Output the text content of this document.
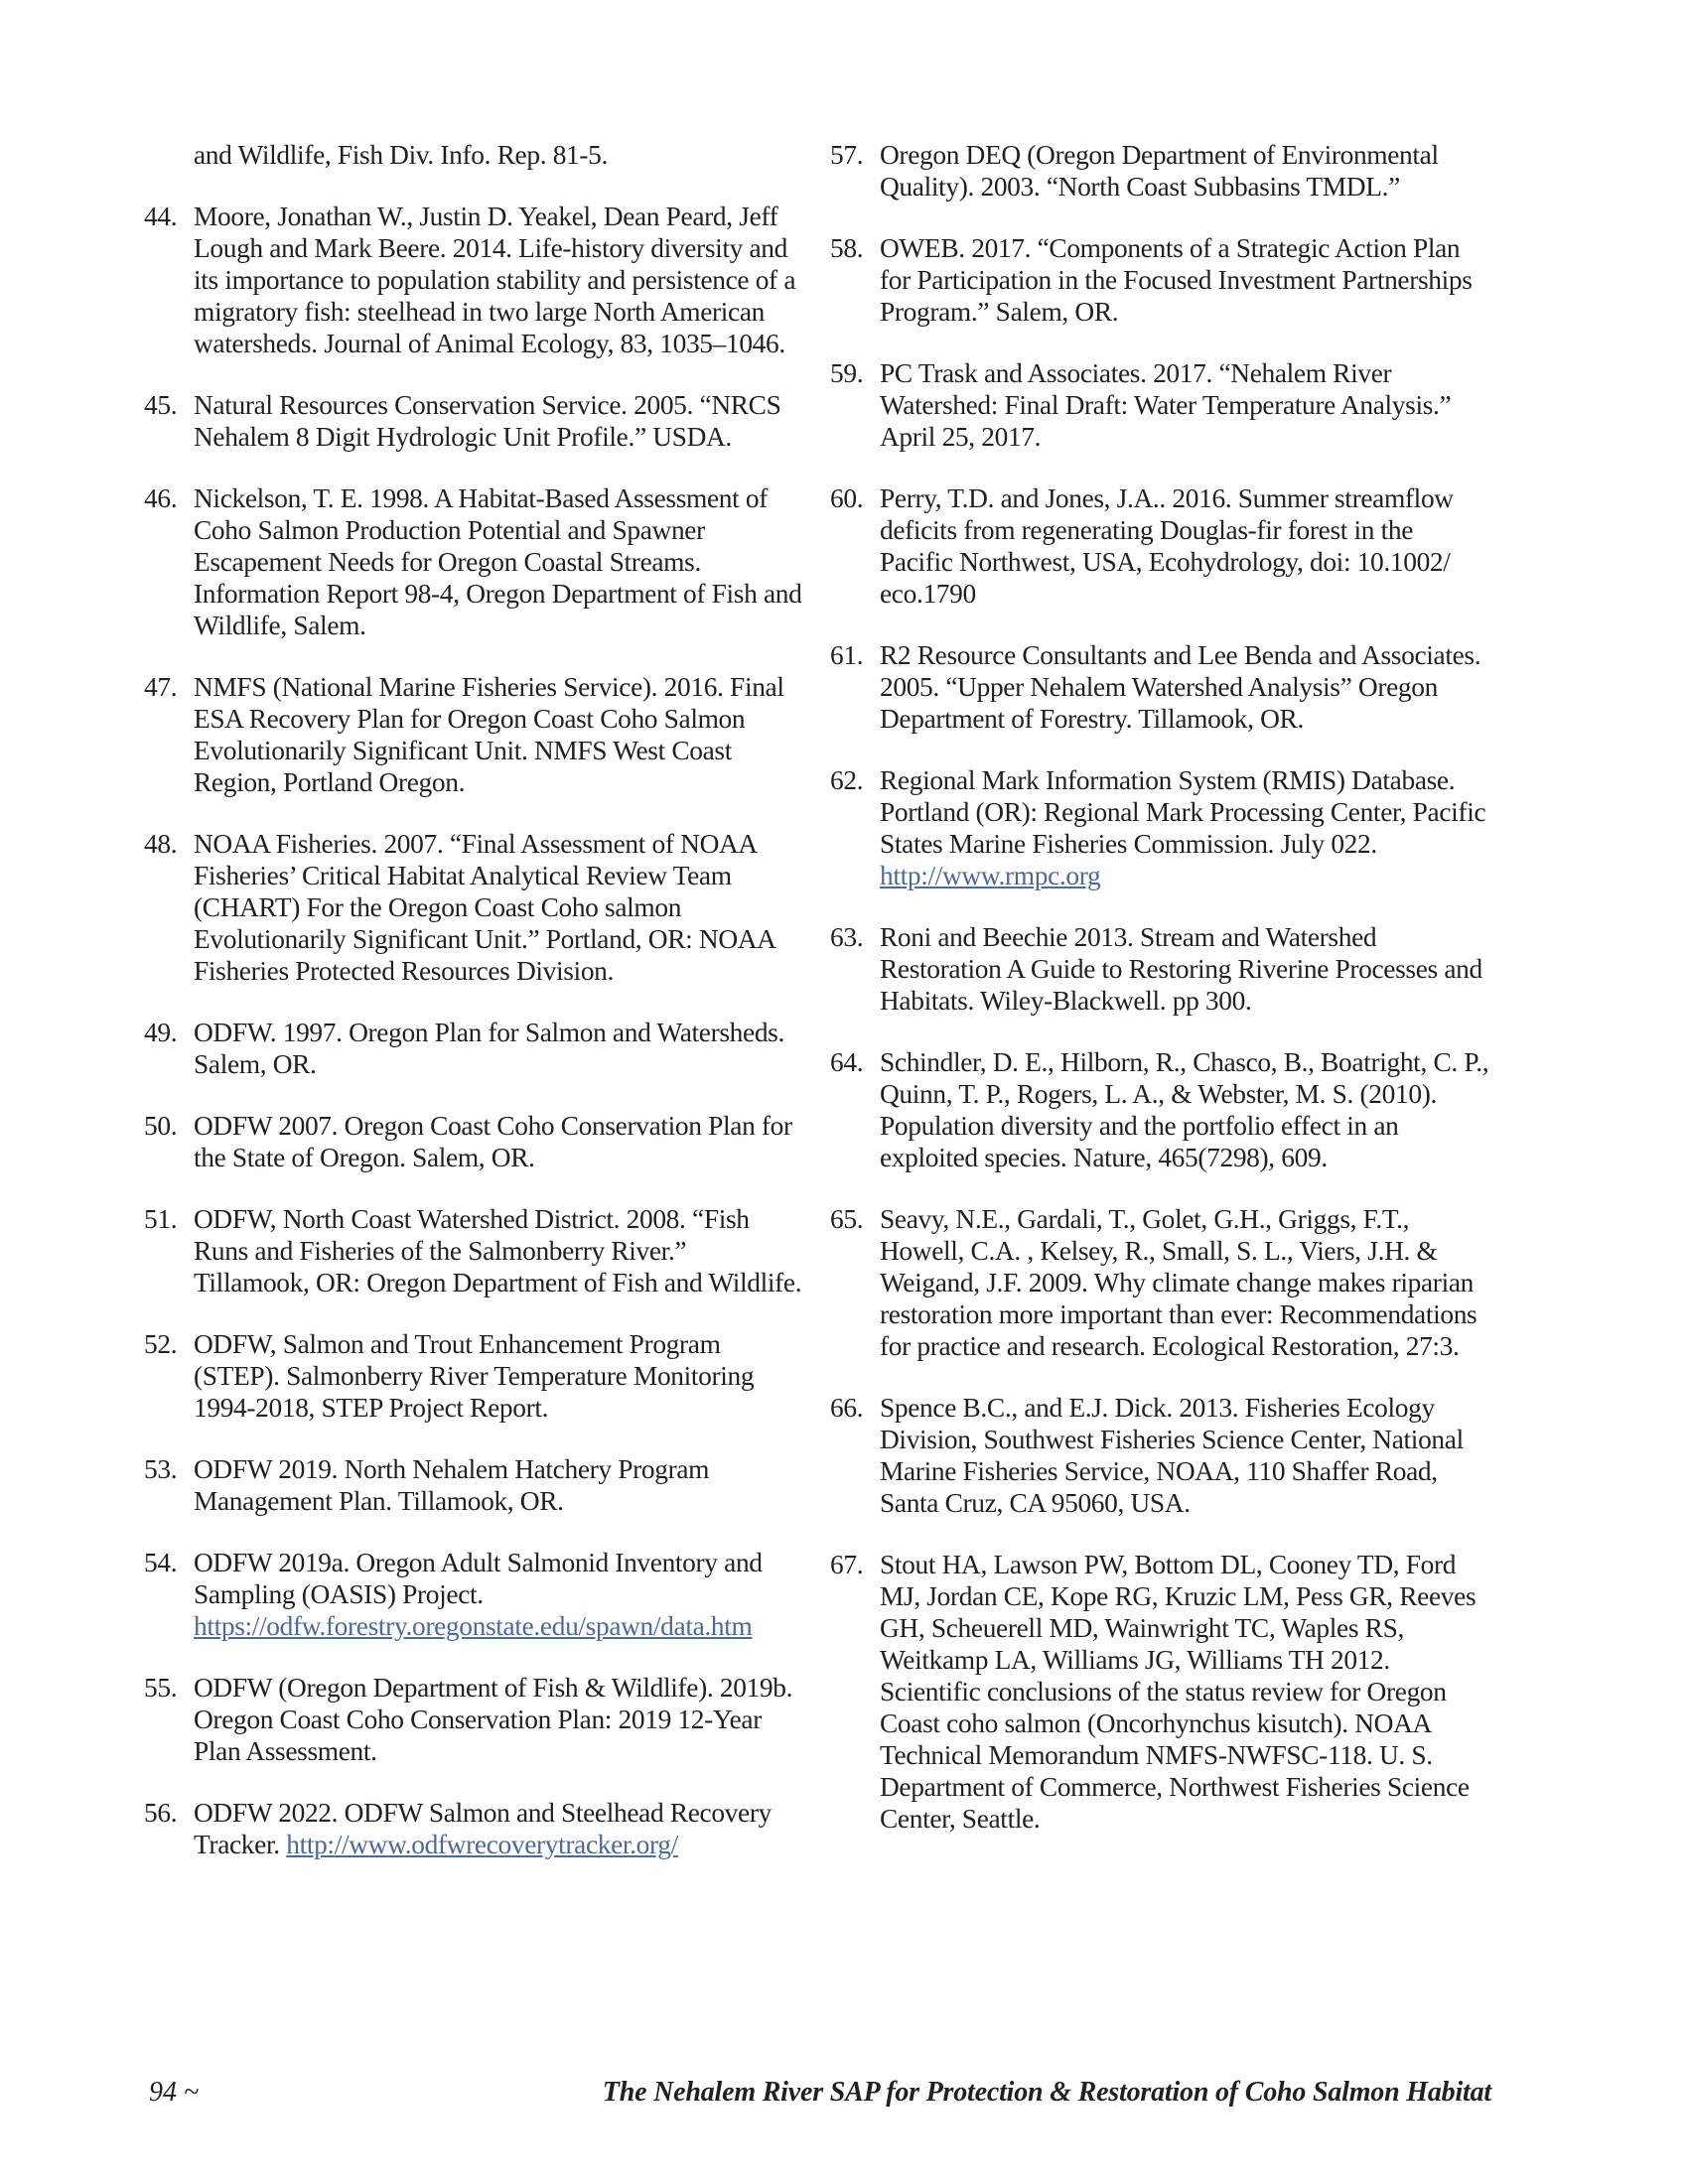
and Wildlife, Fish Div. Info. Rep. 81-5.
44. Moore, Jonathan W., Justin D. Yeakel, Dean Peard, Jeff Lough and Mark Beere. 2014. Life-history diversity and its importance to population stability and persistence of a migratory fish: steelhead in two large North American watersheds. Journal of Animal Ecology, 83, 1035–1046.
45. Natural Resources Conservation Service. 2005. “NRCS Nehalem 8 Digit Hydrologic Unit Profile.” USDA.
46. Nickelson, T. E. 1998. A Habitat-Based Assessment of Coho Salmon Production Potential and Spawner Escapement Needs for Oregon Coastal Streams. Information Report 98-4, Oregon Department of Fish and Wildlife, Salem.
47. NMFS (National Marine Fisheries Service). 2016. Final ESA Recovery Plan for Oregon Coast Coho Salmon Evolutionarily Significant Unit. NMFS West Coast Region, Portland Oregon.
48. NOAA Fisheries. 2007. “Final Assessment of NOAA Fisheries’ Critical Habitat Analytical Review Team (CHART) For the Oregon Coast Coho salmon Evolutionarily Significant Unit.” Portland, OR: NOAA Fisheries Protected Resources Division.
49. ODFW. 1997. Oregon Plan for Salmon and Watersheds. Salem, OR.
50. ODFW 2007. Oregon Coast Coho Conservation Plan for the State of Oregon. Salem, OR.
51. ODFW, North Coast Watershed District. 2008. “Fish Runs and Fisheries of the Salmonberry River.” Tillamook, OR: Oregon Department of Fish and Wildlife.
52. ODFW, Salmon and Trout Enhancement Program (STEP). Salmonberry River Temperature Monitoring 1994-2018, STEP Project Report.
53. ODFW 2019. North Nehalem Hatchery Program Management Plan. Tillamook, OR.
54. ODFW 2019a. Oregon Adult Salmonid Inventory and Sampling (OASIS) Project. https://odfw.forestry.oregonstate.edu/spawn/data.htm
55. ODFW (Oregon Department of Fish & Wildlife). 2019b. Oregon Coast Coho Conservation Plan: 2019 12-Year Plan Assessment.
56. ODFW 2022. ODFW Salmon and Steelhead Recovery Tracker. http://www.odfwrecoverytracker.org/
57. Oregon DEQ (Oregon Department of Environmental Quality). 2003. “North Coast Subbasins TMDL.”
58. OWEB. 2017. “Components of a Strategic Action Plan for Participation in the Focused Investment Partnerships Program.” Salem, OR.
59. PC Trask and Associates. 2017. “Nehalem River Watershed: Final Draft: Water Temperature Analysis.” April 25, 2017.
60. Perry, T.D. and Jones, J.A.. 2016. Summer streamflow deficits from regenerating Douglas-fir forest in the Pacific Northwest, USA, Ecohydrology, doi: 10.1002/ eco.1790
61. R2 Resource Consultants and Lee Benda and Associates. 2005. “Upper Nehalem Watershed Analysis” Oregon Department of Forestry. Tillamook, OR.
62. Regional Mark Information System (RMIS) Database. Portland (OR): Regional Mark Processing Center, Pacific States Marine Fisheries Commission. July 022. http://www.rmpc.org
63. Roni and Beechie 2013. Stream and Watershed Restoration A Guide to Restoring Riverine Processes and Habitats. Wiley-Blackwell. pp 300.
64. Schindler, D. E., Hilborn, R., Chasco, B., Boatright, C. P., Quinn, T. P., Rogers, L. A., & Webster, M. S. (2010). Population diversity and the portfolio effect in an exploited species. Nature, 465(7298), 609.
65. Seavy, N.E., Gardali, T., Golet, G.H., Griggs, F.T., Howell, C.A. , Kelsey, R., Small, S. L., Viers, J.H. & Weigand, J.F. 2009. Why climate change makes riparian restoration more important than ever: Recommendations for practice and research. Ecological Restoration, 27:3.
66. Spence B.C., and E.J. Dick. 2013. Fisheries Ecology Division, Southwest Fisheries Science Center, National Marine Fisheries Service, NOAA, 110 Shaffer Road, Santa Cruz, CA 95060, USA.
67. Stout HA, Lawson PW, Bottom DL, Cooney TD, Ford MJ, Jordan CE, Kope RG, Kruzic LM, Pess GR, Reeves GH, Scheuerell MD, Wainwright TC, Waples RS, Weitkamp LA, Williams JG, Williams TH 2012. Scientific conclusions of the status review for Oregon Coast coho salmon (Oncorhynchus kisutch). NOAA Technical Memorandum NMFS-NWFSC-118. U. S. Department of Commerce, Northwest Fisheries Science Center, Seattle.
94 ~	The Nehalem River SAP for Protection & Restoration of Coho Salmon Habitat
